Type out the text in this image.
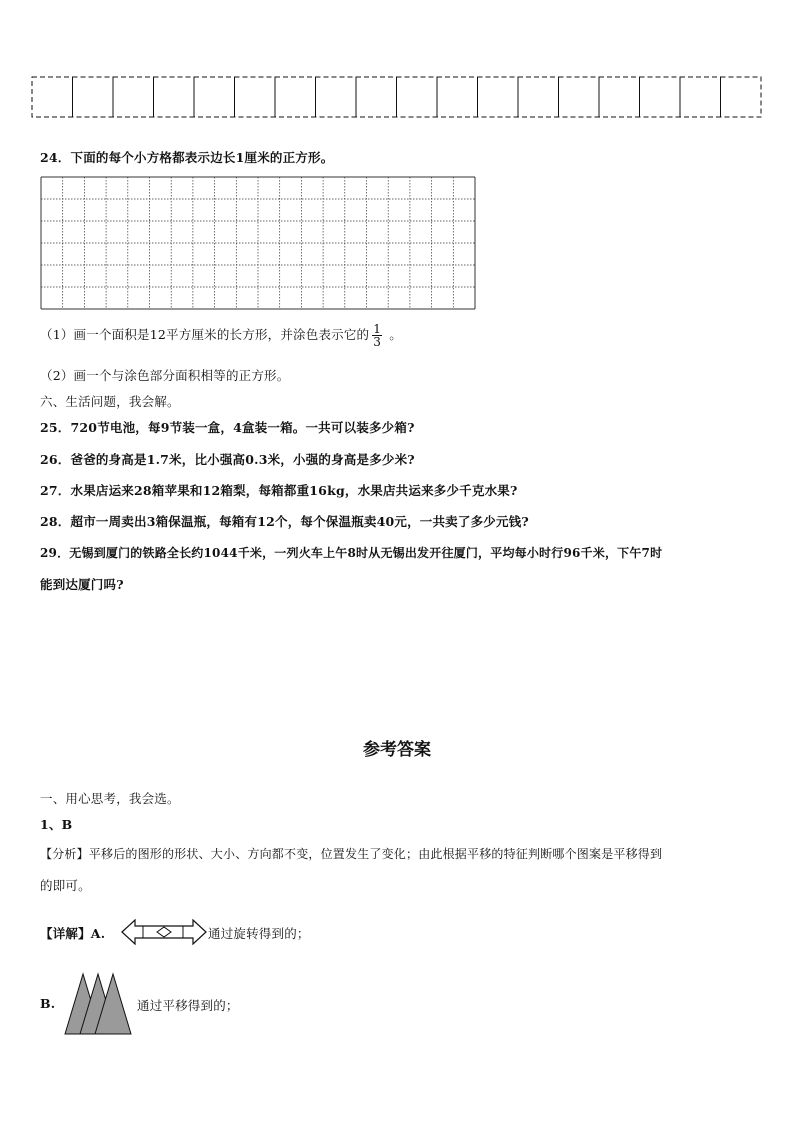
24．下面的每个小方格都表示边长1厘米的正方形。
（1）画一个面积是12平方厘米的长方形，并涂色表示它的 $\frac{1}{3}$ 。
（2）画一个与涂色部分面积相等的正方形。
六、生活问题，我会解。
25．720节电池，每9节装一盒，4盒装一箱。一共可以装多少箱?
26．爸爸的身高是1.7米，比小强高0.3米，小强的身高是多少米?
27．水果店运来28箱苹果和12箱梨，每箱都重16kg，水果店共运来多少千克水果?
28．超市一周卖出3箱保温瓶，每箱有12个，每个保温瓶卖40元，一共卖了多少元钱?
29．无锡到厦门的铁路全长约1044千米，一列火车上午8时从无锡出发开往厦门，平均每小时行96千米，下午7时
能到达厦门吗?
参考答案
一、用心思考，我会选。
1、B
【分析】平移后的图形的形状、大小、方向都不变，位置发生了变化；由此根据平移的特征判断哪个图案是平移得到
的即可。
【详解】A.	通过旋转得到的；
B.	通过平移得到的；
